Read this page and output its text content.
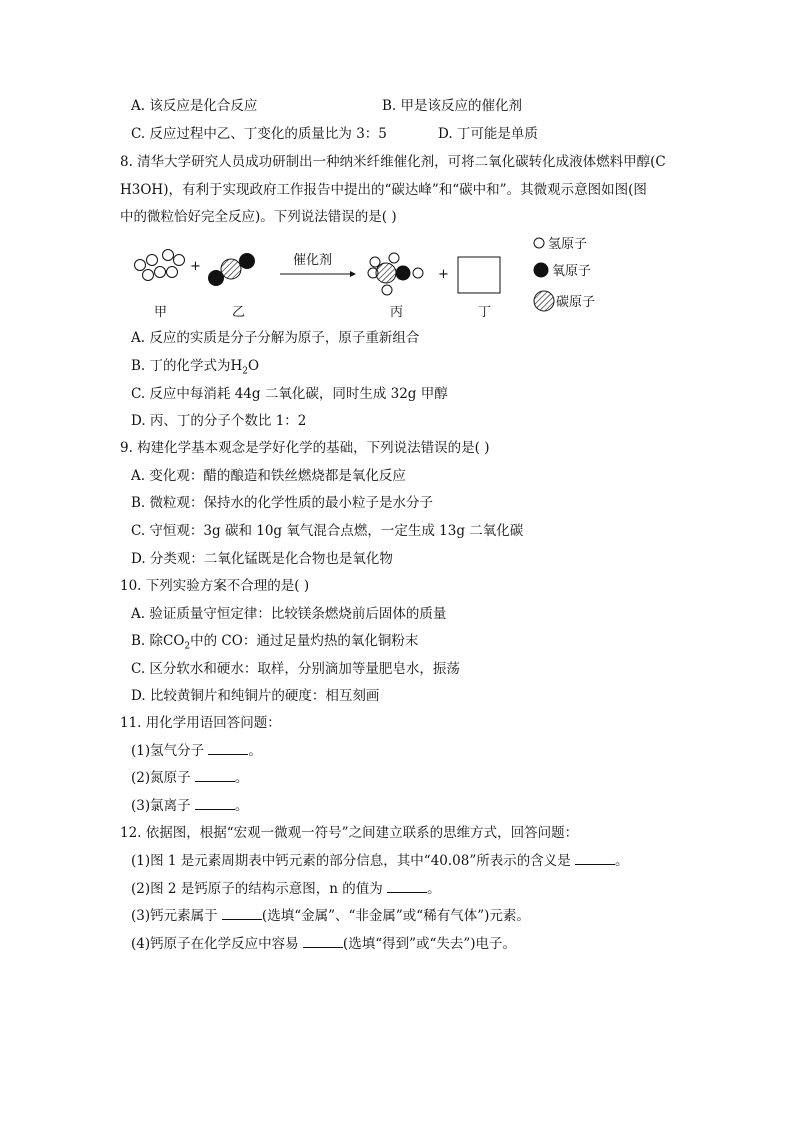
A. 该反应是化合反应	B. 甲是该反应的催化剂
C. 反应过程中乙、丁变化的质量比为 3：5	D. 丁可能是单质
8. 清华大学研究人员成功研制出一种纳米纤维催化剂，可将二氧化碳转化成液体燃料甲醇(C
H3OH)，有利于实现政府工作报告中提出的“碳达峰”和“碳中和”。其微观示意图如图(图
中的微粒恰好完全反应)。下列说法错误的是( )
+	催化剂
+
甲	乙	丙	丁
氢原子
氧原子
碳原子
A. 反应的实质是分子分解为原子，原子重新组合
B. 丁的化学式为$H_2O$
C. 反应中每消耗 44g 二氧化碳，同时生成 32g 甲醇
D. 丙、丁的分子个数比 1：2
9. 构建化学基本观念是学好化学的基础，下列说法错误的是( )
A. 变化观：醋的酿造和铁丝燃烧都是氧化反应
B. 微粒观：保持水的化学性质的最小粒子是水分子
C. 守恒观：3g 碳和 10g 氧气混合点燃，一定生成 13g 二氧化碳
D. 分类观：二氧化锰既是化合物也是氧化物
10. 下列实验方案不合理的是( )
A. 验证质量守恒定律：比较镁条燃烧前后固体的质量
B. 除$CO_2$中的 CO：通过足量灼热的氧化铜粉末
C. 区分软水和硬水：取样，分别滴加等量肥皂水，振荡
D. 比较黄铜片和纯铜片的硬度：相互刻画
11. 用化学用语回答问题：
(1)氢气分子	。
(2)氮原子	。
(3)氯离子	。
12. 依据图，根据“宏观一微观一符号”之间建立联系的思维方式，回答问题：
(1)图 1 是元素周期表中钙元素的部分信息，其中“40.08”所表示的含义是	。
(2)图 2 是钙原子的结构示意图，n 的值为	。
(3)钙元素属于	(选填“金属”、“非金属”或“稀有气体”)元素。
(4)钙原子在化学反应中容易	(选填“得到”或“失去”)电子。
